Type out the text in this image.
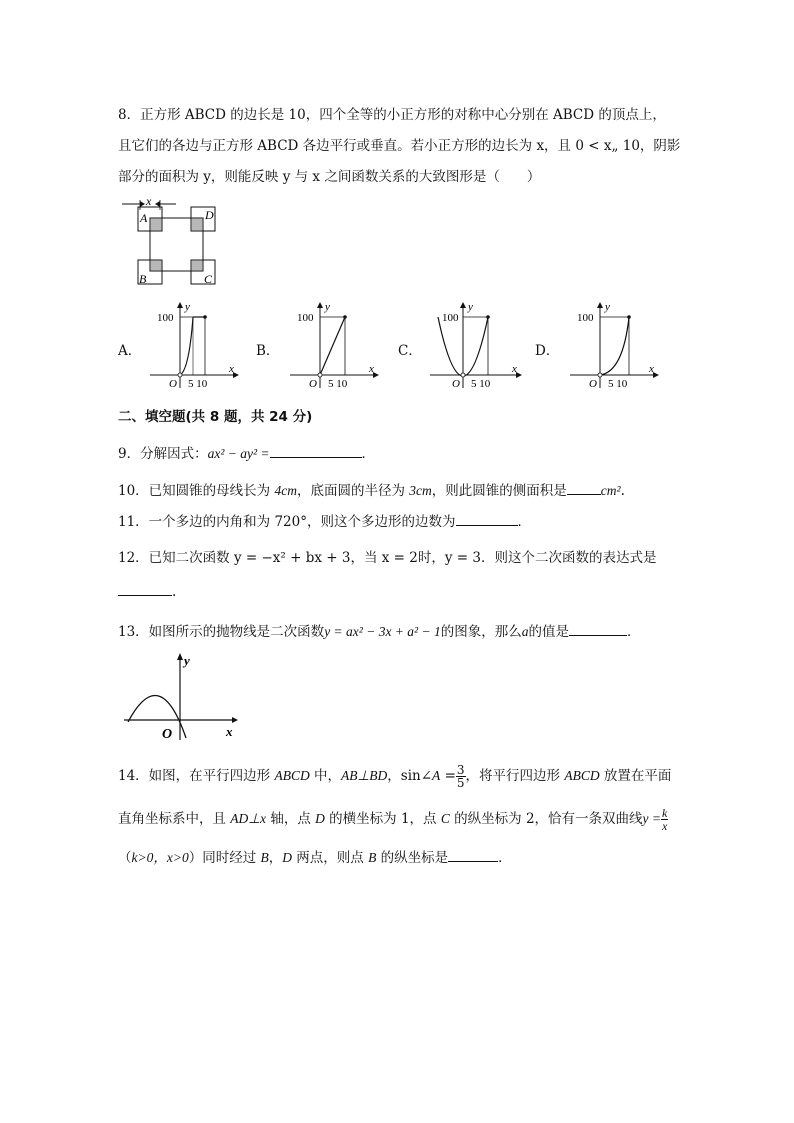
8．正方形 ABCD 的边长是 10，四个全等的小正方形的对称中心分别在 ABCD 的顶点上，
且它们的各边与正方形 ABCD 各边平行或垂直。若小正方形的边长为 x，且 0 < x„ 10，阴影
部分的面积为 y，则能反映 y 与 x 之间函数关系的大致图形是（　　）
x
A	D
B	C
A．
100
y
x
O 5 10
B．
100
y
x
O 5 10
C．
100
y
x
O 5 10
D．
100
y
x
O 5 10
二、填空题(共 8 题，共 24 分)
9．分解因式：ax² − ay² =	．
10．已知圆锥的母线长为 4cm，底面圆的半径为 3cm，则此圆锥的侧面积是	cm².
11．一个多边的内角和为 720°，则这个多边形的边数为	．
12．已知二次函数 y = −x² + bx + 3，当 x = 2时，y = 3．则这个二次函数的表达式是
.
13．如图所示的抛物线是二次函数y = ax² − 3x + a² − 1的图象，那么a的值是	．
y
x
O
14．如图，在平行四边形 ABCD 中，AB⊥BD，sin∠A = $\frac{3}{5}$ ，将平行四边形 ABCD 放置在平面
直角坐标系中，且 AD⊥x 轴，点 D 的横坐标为 1，点 C 的纵坐标为 2，恰有一条双曲线$y = \frac{k}{x}$
（k>0，x>0）同时经过 B，D 两点，则点 B 的纵坐标是	．
